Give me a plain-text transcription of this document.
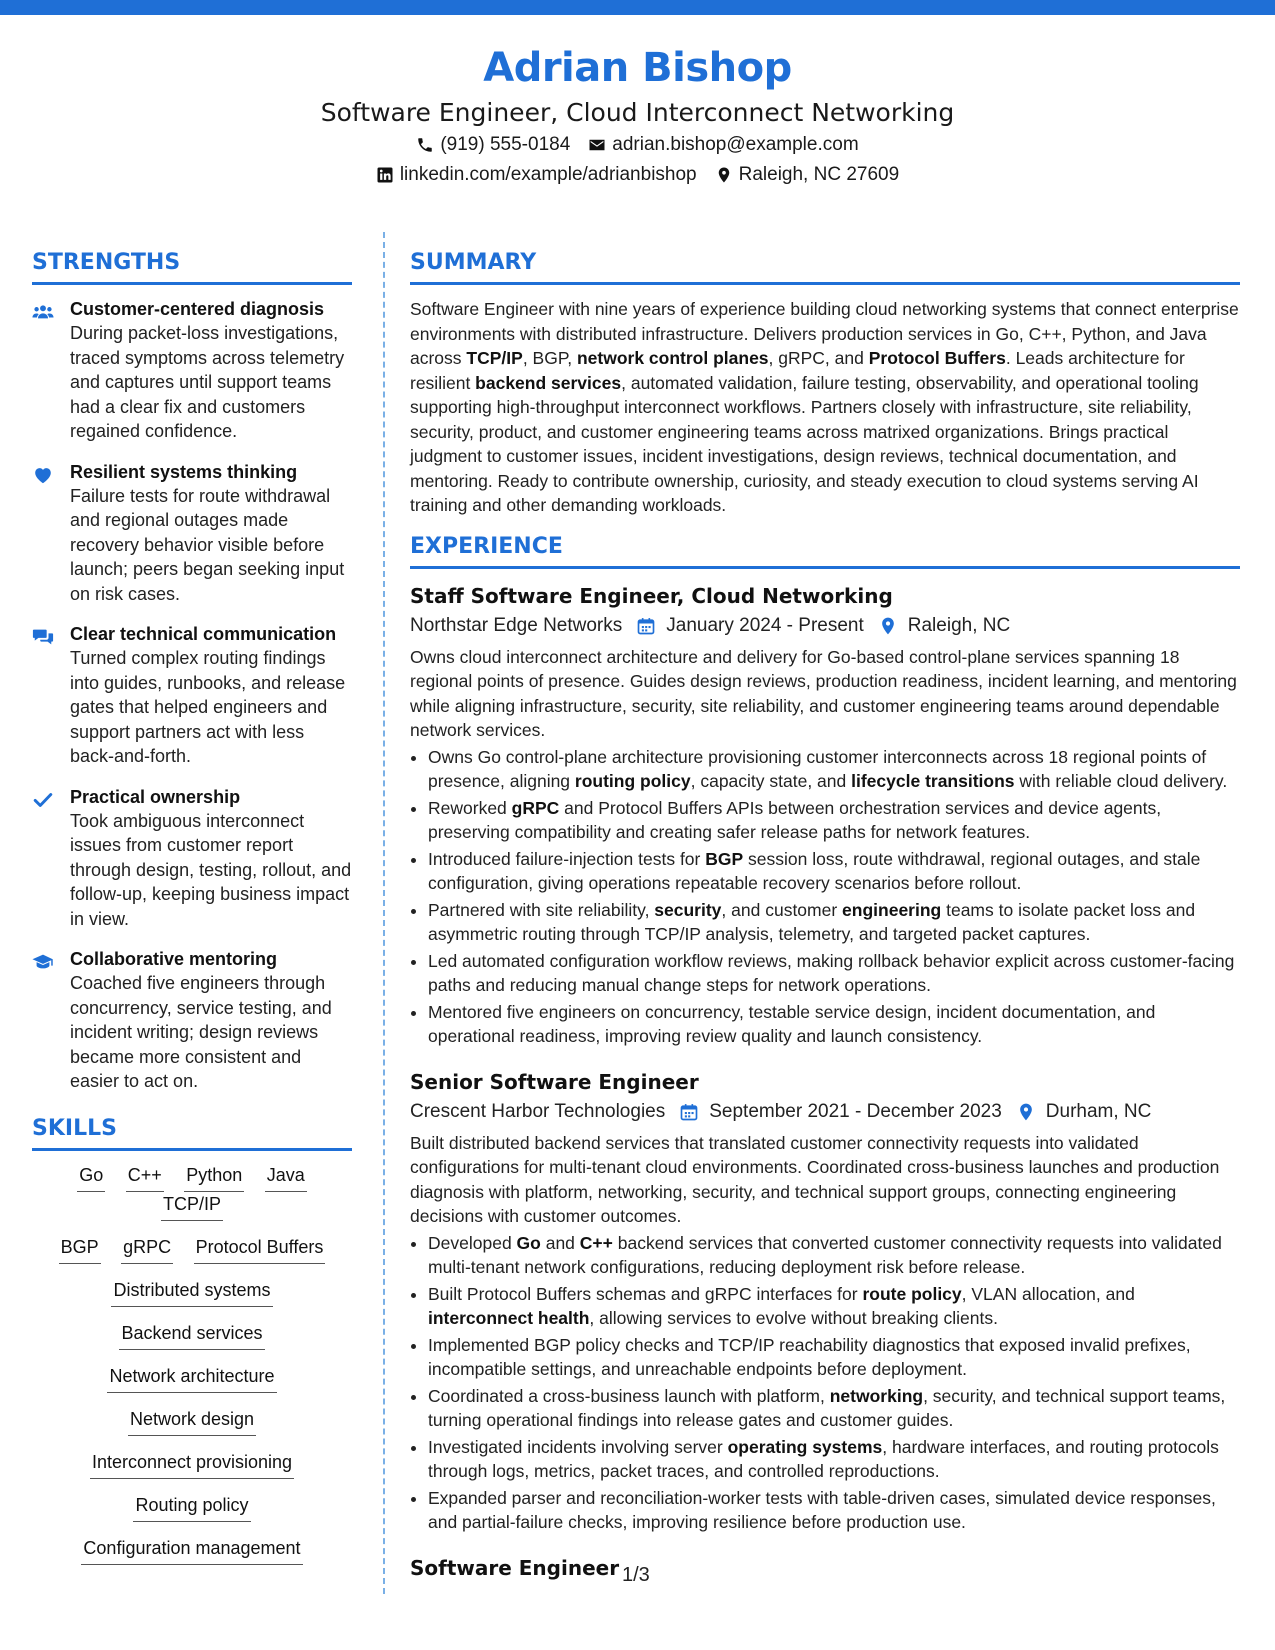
Adrian Bishop
Software Engineer, Cloud Interconnect Networking
(919) 555-0184 adrian.bishop@example.com
linkedin.com/example/adrianbishop Raleigh, NC 27609
STRENGTHS
Customer-centered diagnosis
During packet-loss investigations, traced symptoms across telemetry and captures until support teams had a clear fix and customers regained confidence.
Resilient systems thinking
Failure tests for route withdrawal and regional outages made recovery behavior visible before launch; peers began seeking input on risk cases.
Clear technical communication
Turned complex routing findings into guides, runbooks, and release gates that helped engineers and support partners act with less back-and-forth.
Practical ownership
Took ambiguous interconnect issues from customer report through design, testing, rollout, and follow-up, keeping business impact in view.
Collaborative mentoring
Coached five engineers through concurrency, service testing, and incident writing; design reviews became more consistent and easier to act on.
SKILLS
Go C++ Python Java TCP/IP
BGP gRPC Protocol Buffers
Distributed systems
Backend services
Network architecture
Network design
Interconnect provisioning
Routing policy
Configuration management
SUMMARY
Software Engineer with nine years of experience building cloud networking systems that connect enterprise environments with distributed infrastructure. Delivers production services in Go, C++, Python, and Java across TCP/IP, BGP, network control planes, gRPC, and Protocol Buffers. Leads architecture for resilient backend services, automated validation, failure testing, observability, and operational tooling supporting high-throughput interconnect workflows. Partners closely with infrastructure, site reliability, security, product, and customer engineering teams across matrixed organizations. Brings practical judgment to customer issues, incident investigations, design reviews, technical documentation, and mentoring. Ready to contribute ownership, curiosity, and steady execution to cloud systems serving AI training and other demanding workloads.
EXPERIENCE
Staff Software Engineer, Cloud Networking
Northstar Edge Networks January 2024 - Present Raleigh, NC
Owns cloud interconnect architecture and delivery for Go-based control-plane services spanning 18 regional points of presence. Guides design reviews, production readiness, incident learning, and mentoring while aligning infrastructure, security, site reliability, and customer engineering teams around dependable network services.
• Owns Go control-plane architecture provisioning customer interconnects across 18 regional points of presence, aligning routing policy, capacity state, and lifecycle transitions with reliable cloud delivery.
• Reworked gRPC and Protocol Buffers APIs between orchestration services and device agents, preserving compatibility and creating safer release paths for network features.
• Introduced failure-injection tests for BGP session loss, route withdrawal, regional outages, and stale configuration, giving operations repeatable recovery scenarios before rollout.
• Partnered with site reliability, security, and customer engineering teams to isolate packet loss and asymmetric routing through TCP/IP analysis, telemetry, and targeted packet captures.
• Led automated configuration workflow reviews, making rollback behavior explicit across customer-facing paths and reducing manual change steps for network operations.
• Mentored five engineers on concurrency, testable service design, incident documentation, and operational readiness, improving review quality and launch consistency.
Senior Software Engineer
Crescent Harbor Technologies September 2021 - December 2023 Durham, NC
Built distributed backend services that translated customer connectivity requests into validated configurations for multi-tenant cloud environments. Coordinated cross-business launches and production diagnosis with platform, networking, security, and technical support groups, connecting engineering decisions with customer outcomes.
• Developed Go and C++ backend services that converted customer connectivity requests into validated multi-tenant network configurations, reducing deployment risk before release.
• Built Protocol Buffers schemas and gRPC interfaces for route policy, VLAN allocation, and interconnect health, allowing services to evolve without breaking clients.
• Implemented BGP policy checks and TCP/IP reachability diagnostics that exposed invalid prefixes, incompatible settings, and unreachable endpoints before deployment.
• Coordinated a cross-business launch with platform, networking, security, and technical support teams, turning operational findings into release gates and customer guides.
• Investigated incidents involving server operating systems, hardware interfaces, and routing protocols through logs, metrics, packet traces, and controlled reproductions.
• Expanded parser and reconciliation-worker tests with table-driven cases, simulated device responses, and partial-failure checks, improving resilience before production use.
Software Engineer 1/3
